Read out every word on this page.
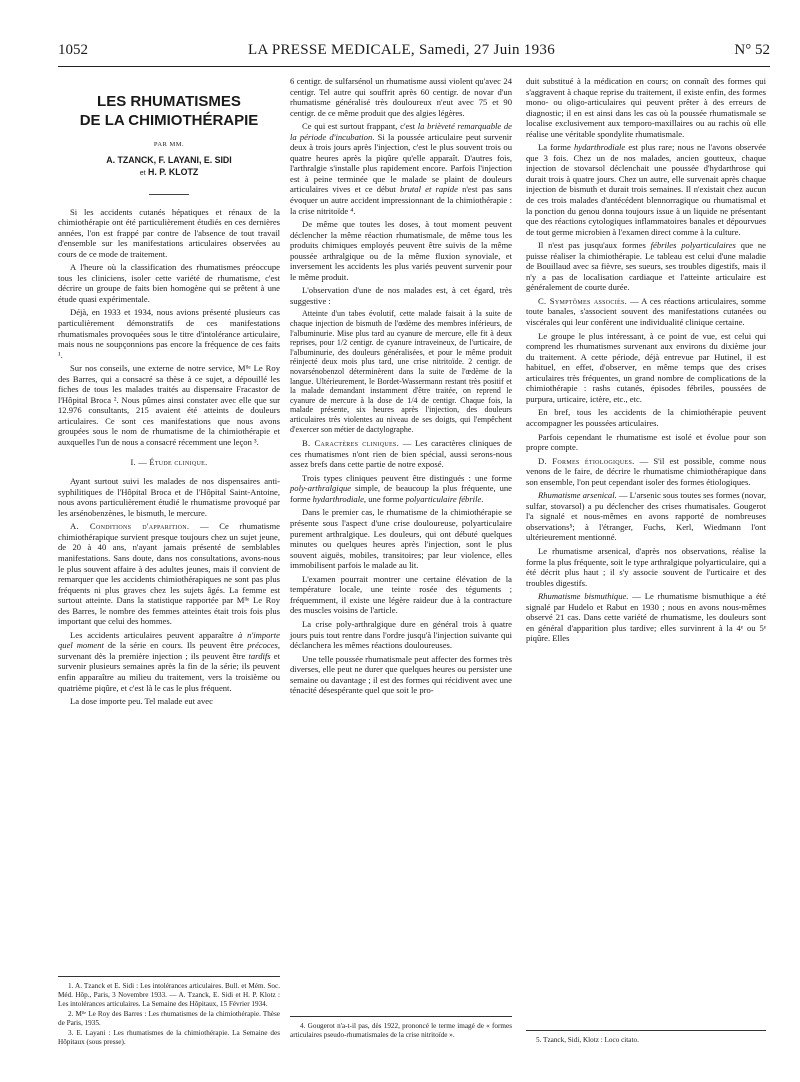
1052	LA PRESSE MEDICALE, Samedi, 27 Juin 1936	N° 52
LES RHUMATISMES
DE LA CHIMIOTHÉRAPIE
PAR MM.
A. TZANCK, F. LAYANI, E. SIDI
et H. P. KLOTZ

Si les accidents cutanés hépatiques et rénaux de la chimiothérapie ont été particulièrement étudiés en ces dernières années, l'on est frappé par contre de l'absence de tout travail d'ensemble sur les manifestations articulaires observées au cours de ce mode de traitement.

A l'heure où la classification des rhumatismes préoccupe tous les cliniciens, isoler cette variété de rhumatisme, c'est décrire un groupe de faits bien homogène qui se prêtent à une étude quasi expérimentale.

Déjà, en 1933 et 1934, nous avions présenté plusieurs cas particulièrement démonstratifs de ces manifestations rhumatismales provoquées sous le titre d'intolérance articulaire, mais nous ne soupçonnions pas encore la fréquence de ces faits ¹.

Sur nos conseils, une externe de notre service, Mˡˡᵉ Le Roy des Barres, qui a consacré sa thèse à ce sujet, a dépouillé les fiches de tous les malades traités au dispensaire Fracastor de l'Hôpital Broca ². Nous pûmes ainsi constater avec elle que sur 12.976 consultants, 215 avaient été atteints de douleurs articulaires. Ce sont ces manifestations que nous avons groupées sous le nom de rhumatisme de la chimiothérapie et auxquelles l'un de nous a consacré récemment une leçon ³.

I. — Étude clinique.

Ayant surtout suivi les malades de nos dispensaires anti-syphilitiques de l'Hôpital Broca et de l'Hôpital Saint-Antoine, nous avons particulièrement étudié le rhumatisme provoqué par les arsénobenzènes, le bismuth, le mercure.

A. Conditions d'apparition. — Ce rhumatisme chimiothérapique survient presque toujours chez un sujet jeune, de 20 à 40 ans, n'ayant jamais présenté de semblables manifestations. Sans doute, dans nos consultations, avons-nous le plus souvent affaire à des adultes jeunes, mais il convient de remarquer que les accidents chimiothérapiques ne sont pas plus fréquents ni plus graves chez les sujets âgés. La femme est surtout atteinte. Dans la statistique rapportée par Mˡˡᵉ Le Roy des Barres, le nombre des femmes atteintes était trois fois plus important que celui des hommes.

Les accidents articulaires peuvent apparaître à n'importe quel moment de la série en cours. Ils peuvent être précoces, survenant dès la première injection ; ils peuvent être tardifs et survenir plusieurs semaines après la fin de la série; ils peuvent enfin apparaître au milieu du traitement, vers la troisième ou quatrième piqûre, et c'est là le cas le plus fréquent.

La dose importe peu. Tel malade eut avec

1. A. Tzanck et E. Sidi : Les intolérances articulaires. Bull. et Mém. Soc. Méd. Hôp., Paris, 3 Novembre 1933. — A. Tzanck, E. Sidi et H. P. Klotz : Les intolérances articulaires. La Semaine des Hôpitaux, 15 Février 1934.

2. Mˡˡᵉ Le Roy des Barres : Les rhumatismes de la chimiothérapie. Thèse de Paris, 1935.

3. E. Layani : Les rhumatismes de la chimiothérapie. La Semaine des Hôpitaux (sous presse).

6 centigr. de sulfarsénol un rhumatisme aussi violent qu'avec 24 centigr. Tel autre qui souffrit après 60 centigr. de novar d'un rhumatisme généralisé très douloureux n'eut avec 75 et 90 centigr. de ce même produit que des algies légères.

Ce qui est surtout frappant, c'est la brièveté remarquable de la période d'incubation. Si la poussée articulaire peut survenir deux à trois jours après l'injection, c'est le plus souvent trois ou quatre heures après la piqûre qu'elle apparaît. D'autres fois, l'arthralgie s'installe plus rapidement encore. Parfois l'injection est à peine terminée que le malade se plaint de douleurs articulaires vives et ce début brutal et rapide n'est pas sans évoquer un autre accident impressionnant de la chimiothérapie : la crise nitritoïde ⁴.

De même que toutes les doses, à tout moment peuvent déclencher la même réaction rhumatismale, de même tous les produits chimiques employés peuvent être suivis de la même poussée arthralgique ou de la même fluxion synoviale, et inversement les accidents les plus variés peuvent survenir pour le même produit.

L'observation d'une de nos malades est, à cet égard, très suggestive :

Atteinte d'un tabes évolutif, cette malade faisait à la suite de chaque injection de bismuth de l'œdème des membres inférieurs, de l'albuminurie. Mise plus tard au cyanure de mercure, elle fit à deux reprises, pour 1/2 centigr. de cyanure intraveineux, de l'urticaire, de l'albuminurie, des douleurs généralisées, et pour le même produit réinjecté deux mois plus tard, une crise nitritoïde. 2 centigr. de novarsénobenzol déterminèrent dans la suite de l'œdème de la langue. Ultérieurement, le Bordet-Wassermann restant très positif et la malade demandant instamment d'être traitée, on reprend le cyanure de mercure à la dose de 1/4 de centigr. Chaque fois, la malade présente, six heures après l'injection, des douleurs articulaires très violentes au niveau de ses doigts, qui l'empêchent d'exercer son métier de dactylographe.

B. Caractères cliniques. — Les caractères cliniques de ces rhumatismes n'ont rien de bien spécial, aussi serons-nous assez brefs dans cette partie de notre exposé.

Trois types cliniques peuvent être distingués : une forme poly-arthralgique simple, de beaucoup la plus fréquente, une forme hydarthrodiale, une forme polyarticulaire fébrile.

Dans le premier cas, le rhumatisme de la chimiothérapie se présente sous l'aspect d'une crise douloureuse, polyarticulaire purement arthralgique. Les douleurs, qui ont débuté quelques minutes ou quelques heures après l'injection, sont le plus souvent aiguës, mobiles, transitoires; par leur violence, elles immobilisent parfois le malade au lit.

L'examen pourrait montrer une certaine élévation de la température locale, une teinte rosée des téguments ; fréquemment, il existe une légère raideur due à la contracture des muscles voisins de l'article.

La crise poly-arthralgique dure en général trois à quatre jours puis tout rentre dans l'ordre jusqu'à l'injection suivante qui déclanchera les mêmes réactions douloureuses.

Une telle poussée rhumatismale peut affecter des formes très diverses, elle peut ne durer que quelques heures ou persister une semaine ou davantage ; il est des formes qui récidivent avec une ténacité désespérante quel que soit le pro-

4. Gougerot n'a-t-il pas, dès 1922, prononcé le terme imagé de « formes articulaires pseudo-rhumatismales de la crise nitritoïde ».

duit substitué à la médication en cours; on connaît des formes qui s'aggravent à chaque reprise du traitement, il existe enfin, des formes mono- ou oligo-articulaires qui peuvent prêter à des erreurs de diagnostic; il en est ainsi dans les cas où la poussée rhumatismale se localise exclusivement aux temporo-maxillaires ou au rachis où elle réalise une véritable spondylite rhumatismale.

La forme hydarthrodiale est plus rare; nous ne l'avons observée que 3 fois. Chez un de nos malades, ancien goutteux, chaque injection de stovarsol déclenchait une poussée d'hydarthrose qui durait trois à quatre jours. Chez un autre, elle survenait après chaque injection de bismuth et durait trois semaines. Il n'existait chez aucun de ces trois malades d'antécédent blennorragique ou rhumatismal et la ponction du genou donna toujours issue à un liquide ne présentant que des réactions cytologiques inflammatoires banales et dépourvues de tout germe microbien à l'examen direct comme à la culture.

Il n'est pas jusqu'aux formes fébriles polyarticulaires que ne puisse réaliser la chimiothérapie. Le tableau est celui d'une maladie de Bouillaud avec sa fièvre, ses sueurs, ses troubles digestifs, mais il n'y a pas de localisation cardiaque et l'atteinte articulaire est généralement de courte durée.

C. Symptômes associés. — A ces réactions articulaires, somme toute banales, s'associent souvent des manifestations cutanées ou viscérales qui leur confèrent une individualité clinique certaine.

Le groupe le plus intéressant, à ce point de vue, est celui qui comprend les rhumatismes survenant aux environs du dixième jour du traitement. A cette période, déjà entrevue par Hutinel, il est habituel, en effet, d'observer, en même temps que des crises articulaires très fréquentes, un grand nombre de complications de la chimiothérapie : rashs cutanés, épisodes fébriles, poussées de purpura, urticaire, ictère, etc., etc.

En bref, tous les accidents de la chimiothérapie peuvent accompagner les poussées articulaires.

Parfois cependant le rhumatisme est isolé et évolue pour son propre compte.

D. Formes étiologiques. — S'il est possible, comme nous venons de le faire, de décrire le rhumatisme chimiothérapique dans son ensemble, l'on peut cependant isoler des formes étiologiques.

Rhumatisme arsenical. — L'arsenic sous toutes ses formes (novar, sulfar, stovarsol) a pu déclencher des crises rhumatisales. Gougerot l'a signalé et nous-mêmes en avons rapporté de nombreuses observations⁵; à l'étranger, Fuchs, Kerl, Wiedmann l'ont ultérieurement mentionné.

Le rhumatisme arsenical, d'après nos observations, réalise la forme la plus fréquente, soit le type arthralgique polyarticulaire, qui a été décrit plus haut ; il s'y associe souvent de l'urticaire et des troubles digestifs.

Rhumatisme bismuthique. — Le rhumatisme bismuthique a été signalé par Hudelo et Rabut en 1930 ; nous en avons nous-mêmes observé 21 cas. Dans cette variété de rhumatisme, les douleurs sont en général d'apparition plus tardive; elles survinrent à la 4ᵉ ou 5ᵉ piqûre. Elles

5. Tzanck, Sidi, Klotz : Loco citato.
